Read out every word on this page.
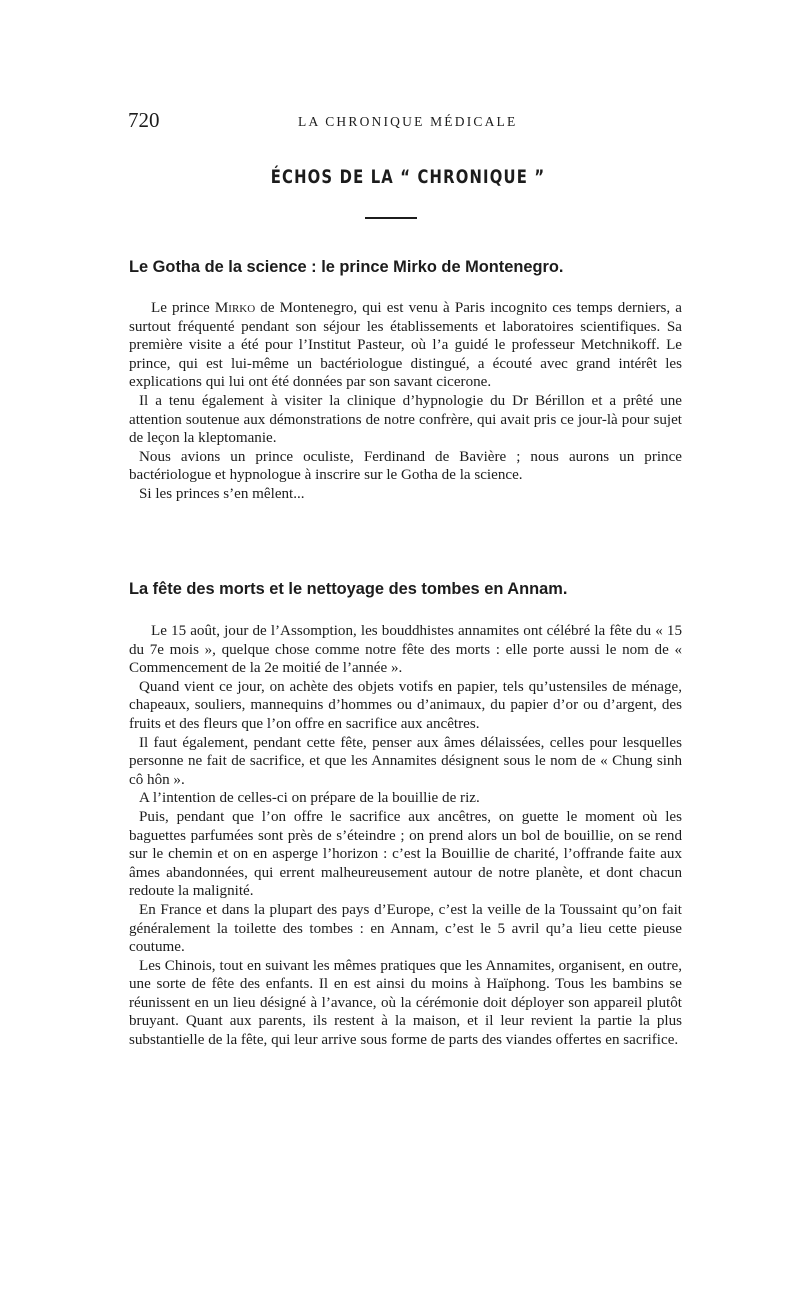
720	LA CHRONIQUE MÉDICALE
ÉCHOS DE LA “ CHRONIQUE ”
Le Gotha de la science : le prince Mirko de Montenegro.

Le prince Mirko de Montenegro, qui est venu à Paris incognito ces temps derniers, a surtout fréquenté pendant son séjour les établissements et laboratoires scientifiques. Sa première visite a été pour l’Institut Pasteur, où l’a guidé le professeur Metchnikoff. Le prince, qui est lui-même un bactériologue distingué, a écouté avec grand intérêt les explications qui lui ont été données par son savant cicerone.

Il a tenu également à visiter la clinique d’hypnologie du Dr Bérillon et a prêté une attention soutenue aux démonstrations de notre confrère, qui avait pris ce jour-là pour sujet de leçon la kleptomanie.

Nous avions un prince oculiste, Ferdinand de Bavière ; nous aurons un prince bactériologue et hypnologue à inscrire sur le Gotha de la science.

Si les princes s’en mêlent...

La fête des morts et le nettoyage des tombes en Annam.

Le 15 août, jour de l’Assomption, les bouddhistes annamites ont célébré la fête du « 15 du 7e mois », quelque chose comme notre fête des morts : elle porte aussi le nom de « Commencement de la 2e moitié de l’année ».

Quand vient ce jour, on achète des objets votifs en papier, tels qu’ustensiles de ménage, chapeaux, souliers, mannequins d’hommes ou d’animaux, du papier d’or ou d’argent, des fruits et des fleurs que l’on offre en sacrifice aux ancêtres.

Il faut également, pendant cette fête, penser aux âmes délaissées, celles pour lesquelles personne ne fait de sacrifice, et que les Annamites désignent sous le nom de « Chung sinh cô hôn ».

A l’intention de celles-ci on prépare de la bouillie de riz.

Puis, pendant que l’on offre le sacrifice aux ancêtres, on guette le moment où les baguettes parfumées sont près de s’éteindre ; on prend alors un bol de bouillie, on se rend sur le chemin et on en asperge l’horizon : c’est la Bouillie de charité, l’offrande faite aux âmes abandonnées, qui errent malheureusement autour de notre planète, et dont chacun redoute la malignité.

En France et dans la plupart des pays d’Europe, c’est la veille de la Toussaint qu’on fait généralement la toilette des tombes : en Annam, c’est le 5 avril qu’a lieu cette pieuse coutume.

Les Chinois, tout en suivant les mêmes pratiques que les Annamites, organisent, en outre, une sorte de fête des enfants. Il en est ainsi du moins à Haïphong. Tous les bambins se réunissent en un lieu désigné à l’avance, où la cérémonie doit déployer son appareil plutôt bruyant. Quant aux parents, ils restent à la maison, et il leur revient la partie la plus substantielle de la fête, qui leur arrive sous forme de parts des viandes offertes en sacrifice.
